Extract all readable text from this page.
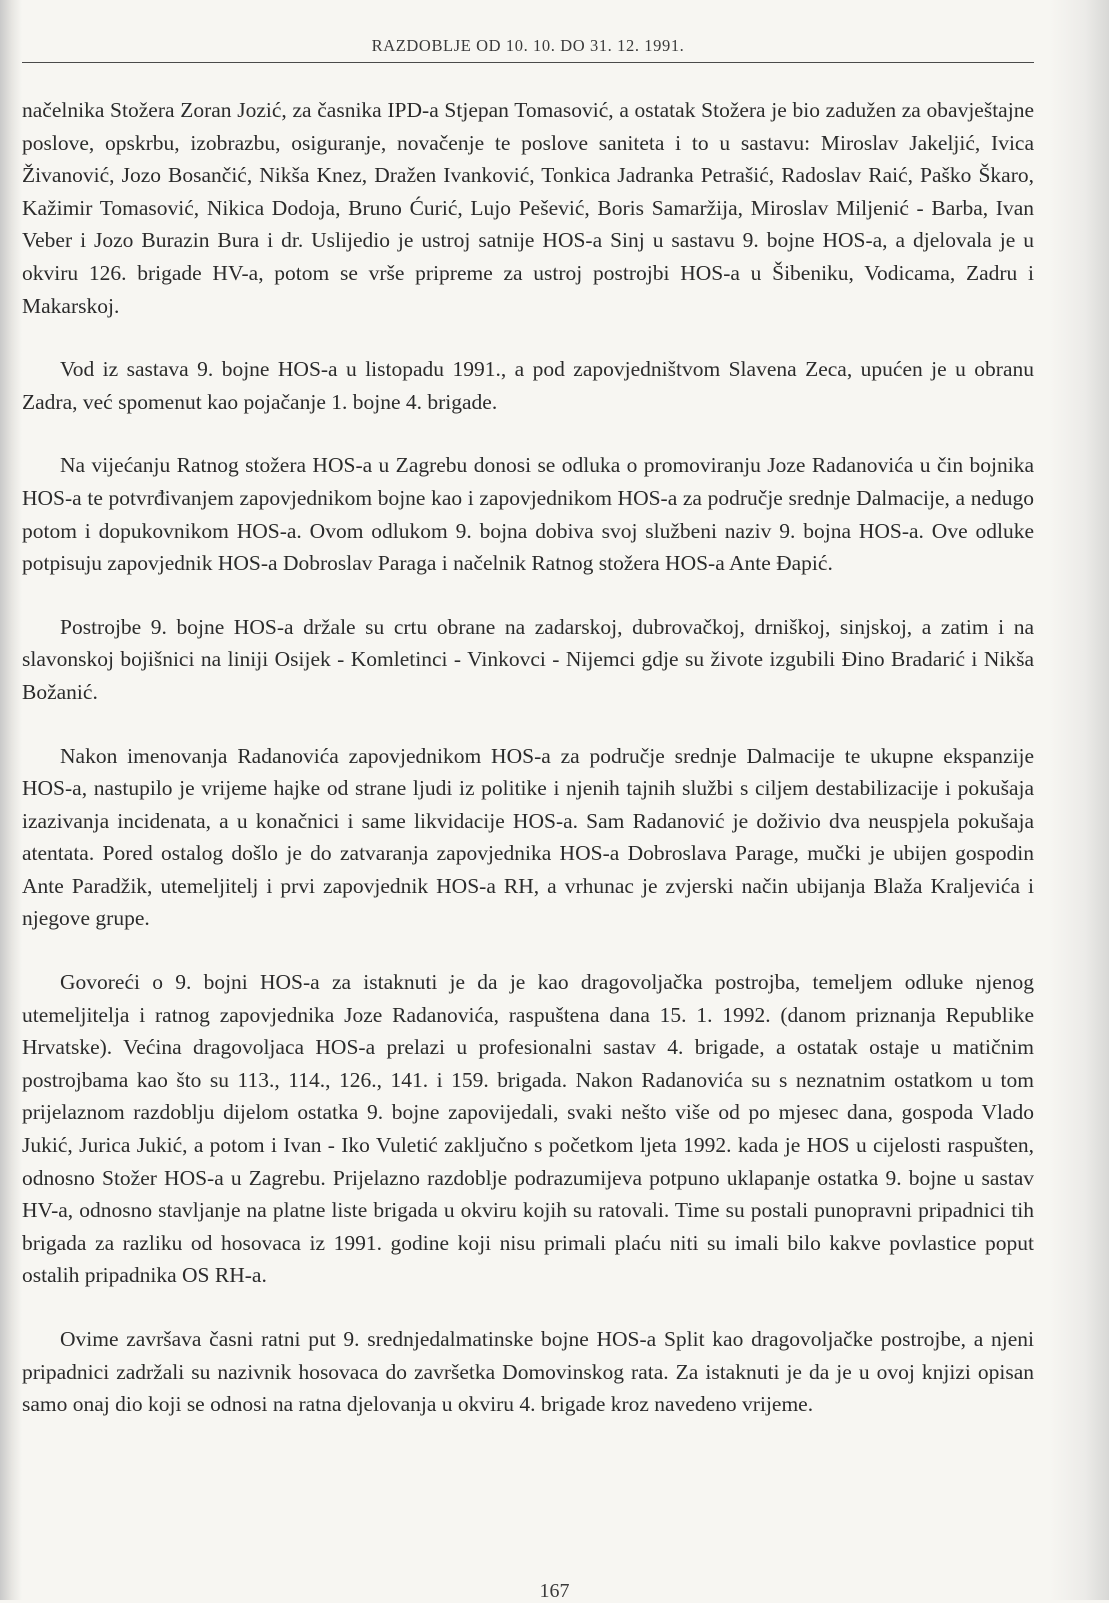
RAZDOBLJE OD 10. 10. DO 31. 12. 1991.

načelnika Stožera Zoran Jozić, za časnika IPD-a Stjepan Tomasović, a ostatak Stožera je bio zadužen za obavještajne poslove, opskrbu, izobrazbu, osiguranje, novačenje te poslove saniteta i to u sastavu: Miroslav Jakeljić, Ivica Živanović, Jozo Bosančić, Nikša Knez, Dražen Ivanković, Tonkica Jadranka Petrašić, Radoslav Raić, Paško Škaro, Kažimir Tomasović, Nikica Dodoja, Bruno Ćurić, Lujo Pešević, Boris Samaržija, Miroslav Miljenić - Barba, Ivan Veber i Jozo Burazin Bura i dr. Uslijedio je ustroj satnije HOS-a Sinj u sastavu 9. bojne HOS-a, a djelovala je u okviru 126. brigade HV-a, potom se vrše pripreme za ustroj postrojbi HOS-a u Šibeniku, Vodicama, Zadru i Makarskoj.

Vod iz sastava 9. bojne HOS-a u listopadu 1991., a pod zapovjedništvom Slavena Zeca, upućen je u obranu Zadra, već spomenut kao pojačanje 1. bojne 4. brigade.

Na vijećanju Ratnog stožera HOS-a u Zagrebu donosi se odluka o promoviranju Joze Radanovića u čin bojnika HOS-a te potvrđivanjem zapovjednikom bojne kao i zapovjednikom HOS-a za područje srednje Dalmacije, a nedugo potom i dopukovnikom HOS-a. Ovom odlukom 9. bojna dobiva svoj službeni naziv 9. bojna HOS-a. Ove odluke potpisuju zapovjednik HOS-a Dobroslav Paraga i načelnik Ratnog stožera HOS-a Ante Đapić.

Postrojbe 9. bojne HOS-a držale su crtu obrane na zadarskoj, dubrovačkoj, drniškoj, sinjskoj, a zatim i na slavonskoj bojišnici na liniji Osijek - Komletinci - Vinkovci - Nijemci gdje su živote izgubili Đino Bradarić i Nikša Božanić.

Nakon imenovanja Radanovića zapovjednikom HOS-a za područje srednje Dalmacije te ukupne ekspanzije HOS-a, nastupilo je vrijeme hajke od strane ljudi iz politike i njenih tajnih službi s ciljem destabilizacije i pokušaja izazivanja incidenata, a u konačnici i same likvidacije HOS-a. Sam Radanović je doživio dva neuspjela pokušaja atentata. Pored ostalog došlo je do zatvaranja zapovjednika HOS-a Dobroslava Parage, mučki je ubijen gospodin Ante Paradžik, utemeljitelj i prvi zapovjednik HOS-a RH, a vrhunac je zvjerski način ubijanja Blaža Kraljevića i njegove grupe.

Govoreći o 9. bojni HOS-a za istaknuti je da je kao dragovoljačka postrojba, temeljem odluke njenog utemeljitelja i ratnog zapovjednika Joze Radanovića, raspuštena dana 15. 1. 1992. (danom priznanja Republike Hrvatske). Većina dragovoljaca HOS-a prelazi u profesionalni sastav 4. brigade, a ostatak ostaje u matičnim postrojbama kao što su 113., 114., 126., 141. i 159. brigada. Nakon Radanovića su s neznatnim ostatkom u tom prijelaznom razdoblju dijelom ostatka 9. bojne zapovijedali, svaki nešto više od po mjesec dana, gospoda Vlado Jukić, Jurica Jukić, a potom i Ivan - Iko Vuletić zaključno s početkom ljeta 1992. kada je HOS u cijelosti raspušten, odnosno Stožer HOS-a u Zagrebu. Prijelazno razdoblje podrazumijeva potpuno uklapanje ostatka 9. bojne u sastav HV-a, odnosno stavljanje na platne liste brigada u okviru kojih su ratovali. Time su postali punopravni pripadnici tih brigada za razliku od hosovaca iz 1991. godine koji nisu primali plaću niti su imali bilo kakve povlastice poput ostalih pripadnika OS RH-a.

Ovime završava časni ratni put 9. srednjedalmatinske bojne HOS-a Split kao dragovoljačke postrojbe, a njeni pripadnici zadržali su nazivnik hosovaca do završetka Domovinskog rata. Za istaknuti je da je u ovoj knjizi opisan samo onaj dio koji se odnosi na ratna djelovanja u okviru 4. brigade kroz navedeno vrijeme.

167
